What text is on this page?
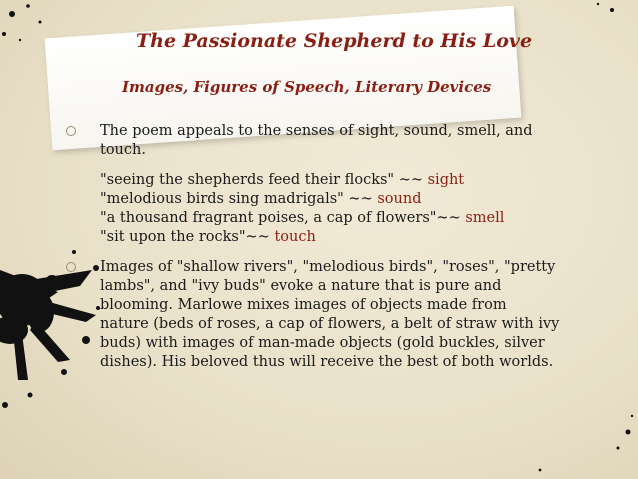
The Passionate Shepherd to His Love
Images, Figures of Speech, Literary Devices
The poem appeals to the senses of sight, sound, smell, and
touch.
"seeing the shepherds feed their flocks" ~~ sight
"melodious birds sing madrigals" ~~ sound
"a thousand fragrant poises, a cap of flowers"~~ smell
"sit upon the rocks"~~ touch
Images of "shallow rivers", "melodious birds", "roses", "pretty
lambs", and "ivy buds" evoke a nature that is pure and
blooming. Marlowe mixes images of objects made from
nature (beds of roses, a cap of flowers, a belt of straw with ivy
buds) with images of man-made objects (gold buckles, silver
dishes). His beloved thus will receive the best of both worlds.
